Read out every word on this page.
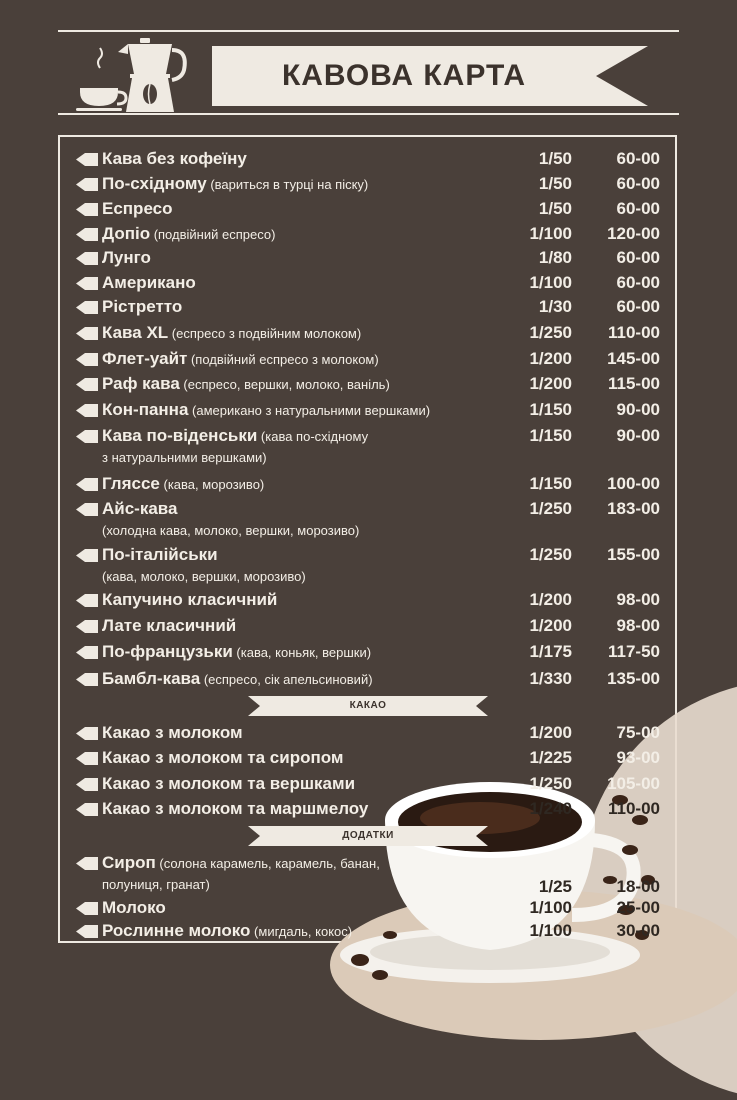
КАВОВА КАРТА
Кава без кофеїну	1/50	60-00
По-східному (вариться в турці на піску)	1/50	60-00
Еспресо	1/50	60-00
Допіо (подвійний еспресо)	1/100 120-00
Лунго	1/80	60-00
Американо	1/100	60-00
Рістретто	1/30	60-00
Кава XL (еспресо з подвійним молоком)	1/250 110-00
Флет-уайт (подвійний еспресо з молоком)	1/200 145-00
Раф кава (еспресо, вершки, молоко, ваніль)	1/200 115-00
Кон-панна (американо з натуральними вершками)	1/150	90-00
Кава по-віденськи (кава по-східному
з натуральними вершками)
1/150	90-00
Гляссе (кава, морозиво)	1/150 100-00
Айс-кава
(холодна кава, молоко, вершки, морозиво)
1/250 183-00
По-італійськи
(кава, молоко, вершки, морозиво)
1/250 155-00
Капучино класичний	1/200	98-00
Лате класичний	1/200	98-00
По-французьки (кава, коньяк, вершки)	1/175 117-50
Бамбл-кава (еспресо, сік апельсиновий)	1/330 135-00
Какао з молоком	1/200	75-00
Какао з молоком та сиропом	1/225	93-00
Какао з молоком та вершками	1/250 105-00
Какао з молоком та маршмелоу	1/240 110-00
Сироп (солона карамель, карамель, банан,
полуниця, гранат)	1/25	18-00
Молоко	1/100	25-00
Рослинне молоко (мигдаль, кокос)	1/100	30-00
КАКАО
ДОДАТКИ
